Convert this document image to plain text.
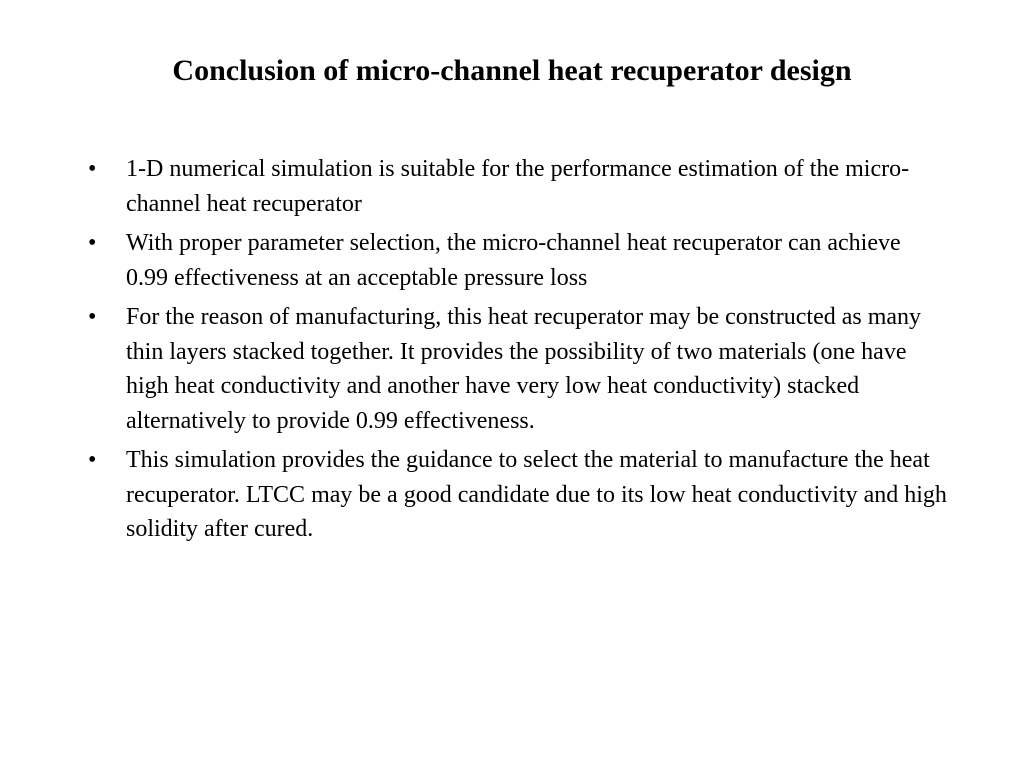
Conclusion of micro-channel heat recuperator design
•	1-D numerical simulation is suitable for the performance estimation of the micro-channel heat recuperator
•	With proper parameter selection, the micro-channel heat recuperator can achieve 0.99 effectiveness at an acceptable pressure loss
•	For the reason of manufacturing, this heat recuperator may be constructed as many thin layers stacked together. It provides the possibility of two materials (one have high heat conductivity and another have very low heat conductivity) stacked alternatively to provide 0.99 effectiveness.
•	This simulation provides the guidance to select the material to manufacture the heat recuperator. LTCC may be a good candidate due to its low heat conductivity and high solidity after cured.
